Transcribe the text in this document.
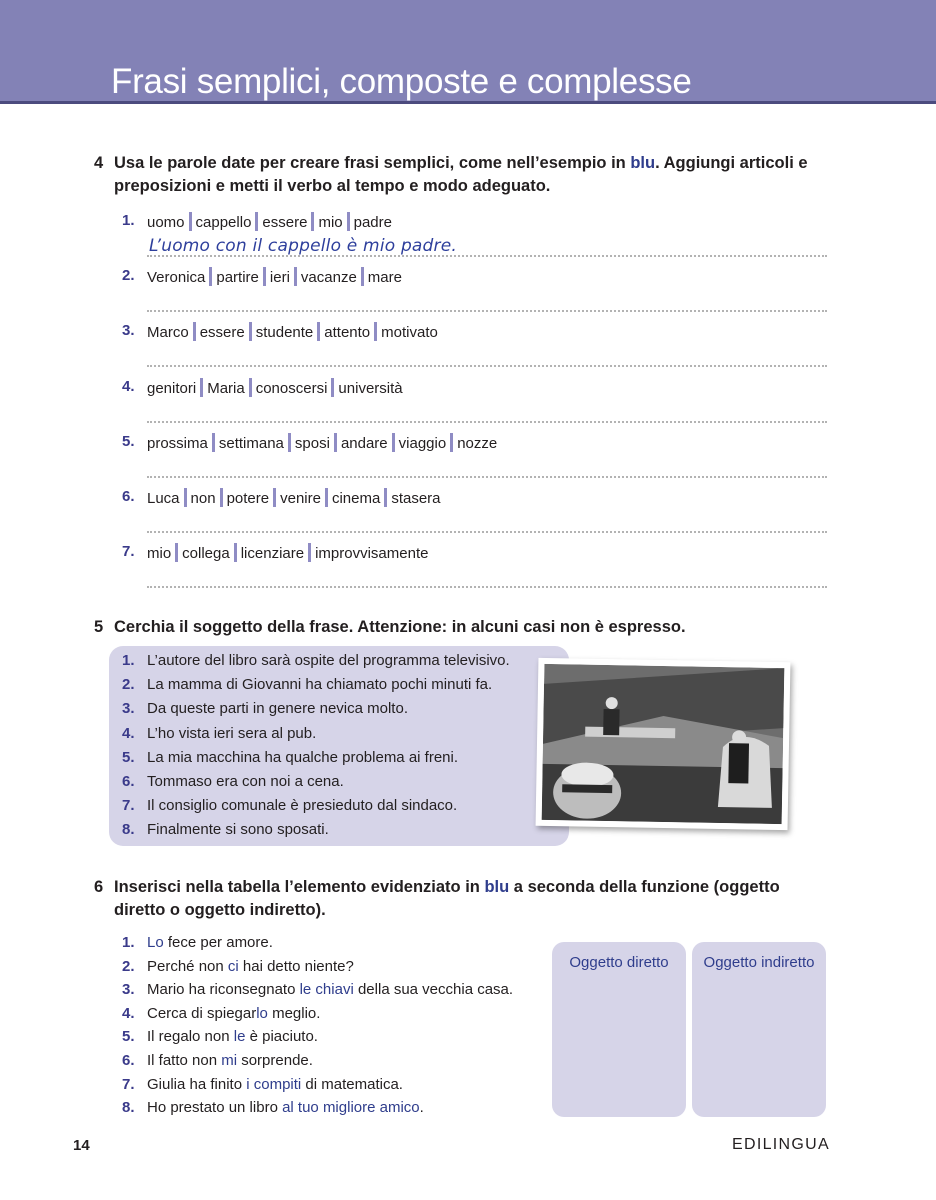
Frasi semplici, composte e complesse
4 Usa le parole date per creare frasi semplici, come nell’esempio in blu. Aggiungi articoli e
preposizioni e metti il verbo al tempo e modo adeguato.
1. uomo cappello essere mio padre
2. Veronica partire ieri vacanze mare
3. Marco essere studente attento motivato
4. genitori Maria conoscersi università
5. prossima settimana sposi andare viaggio nozze
6. Luca non potere venire cinema stasera
7. mio collega licenziare improvvisamente
L’uomo con il cappello è mio padre.
5 Cerchia il soggetto della frase. Attenzione: in alcuni casi non è espresso.
1. L’autore del libro sarà ospite del programma televisivo.
2. La mamma di Giovanni ha chiamato pochi minuti fa.
3. Da queste parti in genere nevica molto.
4. L’ho vista ieri sera al pub.
5. La mia macchina ha qualche problema ai freni.
6. Tommaso era con noi a cena.
7. Il consiglio comunale è presieduto dal sindaco.
8. Finalmente si sono sposati.
6 Inserisci nella tabella l’elemento evidenziato in blu a seconda della funzione (oggetto
diretto o oggetto indiretto).
1. Lo fece per amore.
2. Perché non ci hai detto niente?
3. Mario ha riconsegnato le chiavi della sua vecchia casa.
4. Cerca di spiegarlo meglio.
5. Il regalo non le è piaciuto.
6. Il fatto non mi sorprende.
7. Giulia ha finito i compiti di matematica.
8. Ho prestato un libro al tuo migliore amico.
Oggetto diretto	Oggetto indiretto
14	EDILINGUA
